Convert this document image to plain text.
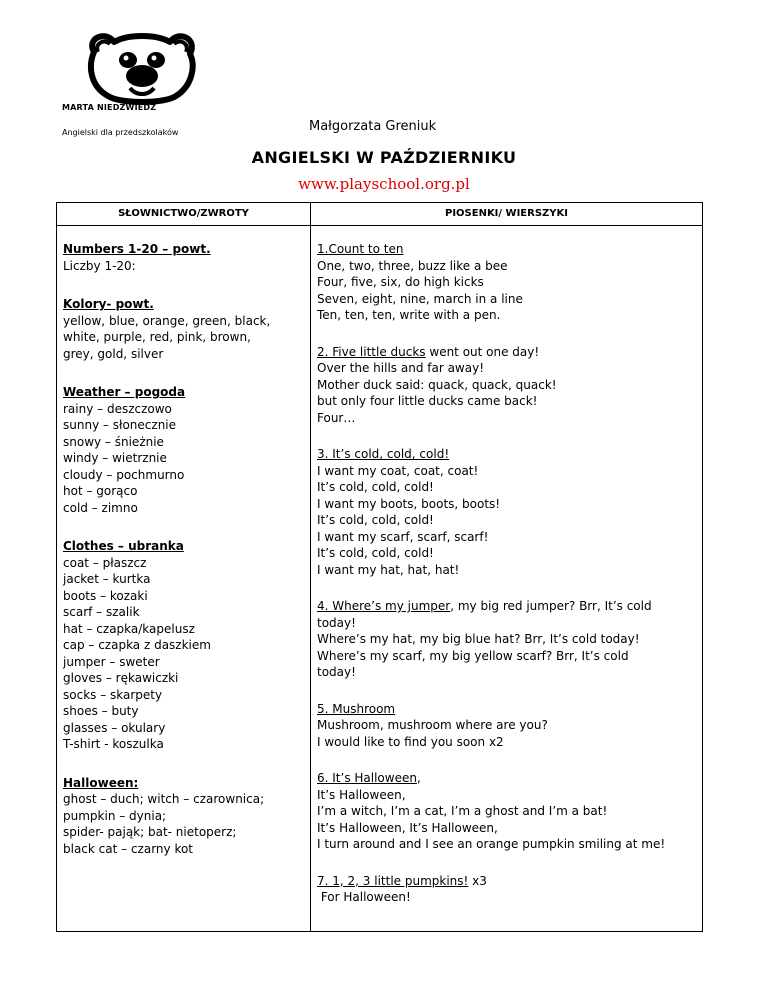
MARTA NIEDŹWIEDŹ
Angielski dla przedszkolaków	Małgorzata Greniuk
ANGIELSKI W PAŹDZIERNIKU
www.playschool.org.pl
SŁOWNICTWO/ZWROTY	PIOSENKI/ WIERSZYKI
Numbers 1-20 – powt.
Liczby 1-20:
Kolory- powt.
yellow, blue, orange, green, black,
white, purple, red, pink, brown,
grey, gold, silver
Weather – pogoda
rainy – deszczowo
sunny – słonecznie
snowy – śnieżnie
windy – wietrznie
cloudy – pochmurno
hot – gorąco
cold – zimno
Clothes – ubranka
coat – płaszcz
jacket – kurtka
boots – kozaki
scarf – szalik
hat – czapka/kapelusz
cap – czapka z daszkiem
jumper – sweter
gloves – rękawiczki
socks – skarpety
shoes – buty
glasses – okulary
T-shirt - koszulka
Halloween:
ghost – duch; witch – czarownica;
pumpkin – dynia;
spider- pająk; bat- nietoperz;
black cat – czarny kot
1.Count to ten
One, two, three, buzz like a bee
Four, five, six, do high kicks
Seven, eight, nine, march in a line
Ten, ten, ten, write with a pen.
2. Five little ducks went out one day!
Over the hills and far away!
Mother duck said: quack, quack, quack!
but only four little ducks came back!
Four…
3. It’s cold, cold, cold!
I want my coat, coat, coat!
It’s cold, cold, cold!
I want my boots, boots, boots!
It’s cold, cold, cold!
I want my scarf, scarf, scarf!
It’s cold, cold, cold!
I want my hat, hat, hat!
4. Where’s my jumper, my big red jumper? Brr, It’s cold
today!
Where’s my hat, my big blue hat? Brr, It’s cold today!
Where’s my scarf, my big yellow scarf? Brr, It’s cold
today!
5. Mushroom
Mushroom, mushroom where are you?
I would like to find you soon x2
6. It’s Halloween,
It’s Halloween,
I’m a witch, I’m a cat, I’m a ghost and I’m a bat!
It’s Halloween, It’s Halloween,
I turn around and I see an orange pumpkin smiling at me!
7. 1, 2, 3 little pumpkins! x3
For Halloween!
